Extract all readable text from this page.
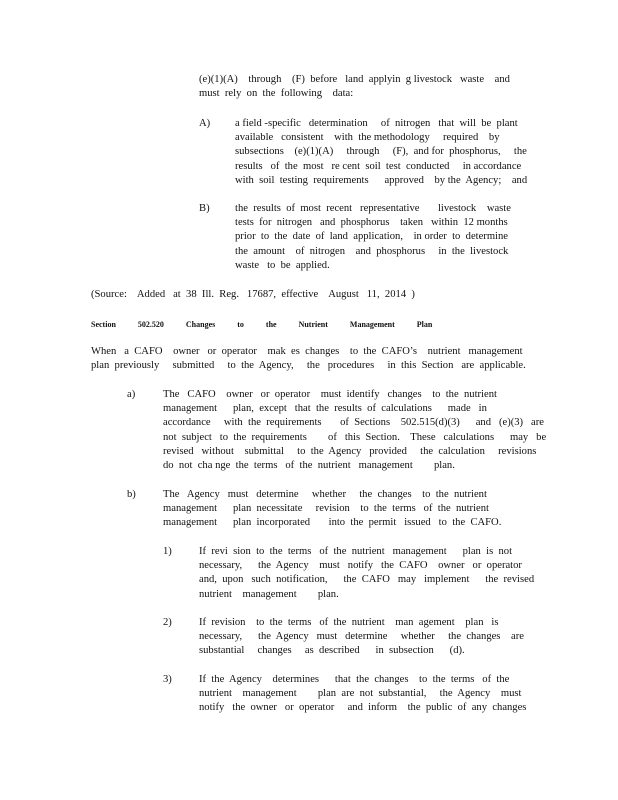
(e)(1)(A)    through    (F)  before   land  applyin  g livestock   waste    and
must  rely  on  the  following    data:
A) a field -specific   determination     of  nitrogen   that  will  be  plant
available   consistent    with  the methodology     required    by
subsections    (e)(1)(A)     through     (F),  and for  phosphorus,     the
results   of  the  most   re cent  soil  test  conducted     in accordance
with  soil  testing  requirements      approved    by the  Agency;    and
B) the  results  of  most  recent   representative       livestock    waste
tests  for  nitrogen   and  phosphorus    taken   within  12 months
prior  to  the  date  of  land  application,    in order  to  determine
the  amount    of  nitrogen    and  phosphorus     in  the  livestock
waste   to  be  applied.
(Source:    Added   at  38  Ill.  Reg.   17687,  effective    August   11,  2014  )
Section	502.520	Changes	to	the	Nutrient	Management	Plan
When   a  CAFO    owner   or  operator    mak  es  changes    to  the  CAFO’s    nutrient   management
plan  previously     submitted     to  the  Agency,     the   procedures     in  this  Section   are  applicable.
a)	The   CAFO    owner   or  operator    must  identify   changes    to  the  nutrient
management      plan,  except   that  the  results  of  calculations      made   in
accordance     with  the  requirements       of  Sections    502.515(d)(3)      and   (e)(3)   are
not  subject   to  the  requirements        of   this  Section.    These   calculations      may   be
revised   without    submittal     to  the  Agency   provided     the  calculation     revisions
do  not  cha nge  the  terms   of  the  nutrient   management        plan.
b)	The   Agency   must   determine     whether     the  changes    to  the  nutrient
management      plan  necessitate     revision    to  the  terms   of  the  nutrient
management      plan  incorporated       into  the  permit   issued   to  the  CAFO.
1)	If  revi  sion  to  the  terms   of  the  nutrient   management      plan  is  not
necessary,      the  Agency    must   notify   the  CAFO    owner   or  operator
and,  upon   such  notification,      the  CAFO   may   implement      the  revised
nutrient    management        plan.
2)	If  revision    to  the  terms   of  the  nutrient    man  agement    plan   is
necessary,      the  Agency   must   determine     whether     the  changes    are
substantial     changes     as  described      in  subsection      (d).
3)	If  the  Agency    determines      that  the  changes    to  the  terms   of  the
nutrient    management        plan  are  not  substantial,     the  Agency    must
notify   the  owner   or  operator     and  inform    the  public  of  any  changes
